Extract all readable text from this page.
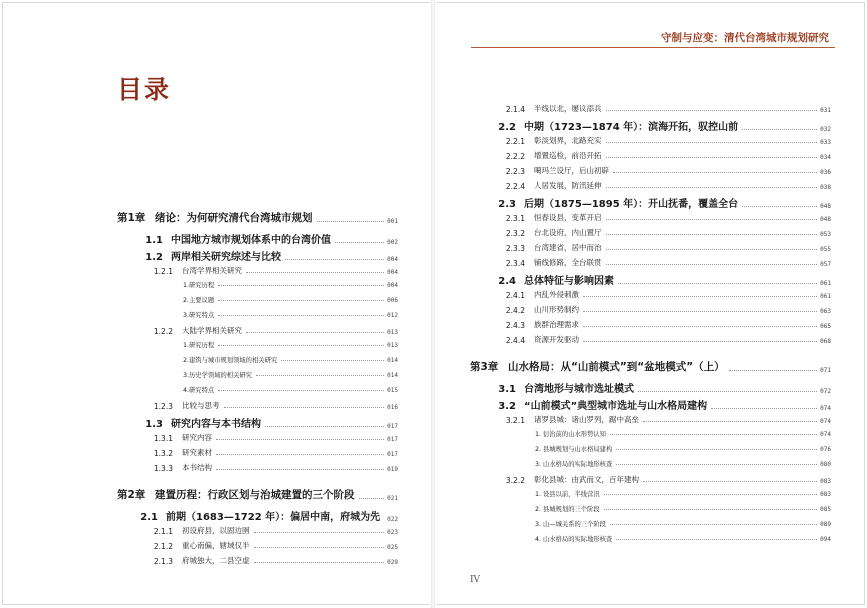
目录
第1章 绪论：为何研究清代台湾城市规划	001
1.1 中国地方城市规划体系中的台湾价值	002
1.2 两岸相关研究综述与比较	004
1.2.1 台湾学界相关研究	004
1.研究历程	004
2.主要议题	006
3.研究特点	012
1.2.2 大陆学界相关研究	013
1.研究历程	013
2.建筑与城市规划领域的相关研究	014
3.历史学领域的相关研究	014
4.研究特点	015
1.2.3 比较与思考	016
1.3 研究内容与本书结构	017
1.3.1 研究内容	017
1.3.2 研究素材	017
1.3.3 本书结构	019
第2章 建置历程：行政区划与治城建置的三个阶段	021
2.1 前期（1683—1722 年）：偏居中南，府城为先 022
2.1.1 初设府县，以固边圉	023
2.1.2 重心南偏，辖域仅半	025
2.1.3 府城独大，二县空虚	029
守制与应变：清代台湾城市规划研究
2.1.4 半线以北，屡议添兵	031
2.2 中期（1723—1874 年）：滨海开拓，驭控山前	032
2.2.1 彰淡划界，北路充实	033
2.2.2 增置巡检，前沿开拓	034
2.2.3 噶玛兰设厅，后山初辟	036
2.2.4 人居发展，防汛延伸	038
2.3 后期（1875—1895 年）：开山抚番，覆盖全台	048
2.3.1 恒春设县，变革开启	048
2.3.2 台北设府，内山置厅	053
2.3.3 台湾建省，居中而治	055
2.3.4 铺线修路，全台联贯	057
2.4 总体特征与影响因素	061
2.4.1 内乱外侵刺激	061
2.4.2 山川形势制约	063
2.4.3 族群治理需求	065
2.4.4 资源开发驱动	068
第3章 山水格局：从“山前模式”到“盆地模式”（上）	071
3.1 台湾地形与城市选址模式	072
3.2 “山前模式”典型城市选址与山水格局建构	074
3.2.1 诸罗县城：诸山罗列，踞中高垒	074
1. 衍治前的山水形势认知	074
2. 县城规划与山水格局建构	076
3. 山水格局的实际地形核查	080
3.2.2 彰化县城：由武而文，百年建构	083
1. 设县以前，半线营汛	083
2. 县城规划的三个阶段	085
3. 山—城关系的三个阶段	089
4. 山水格局的实际地形核查	094
IV
